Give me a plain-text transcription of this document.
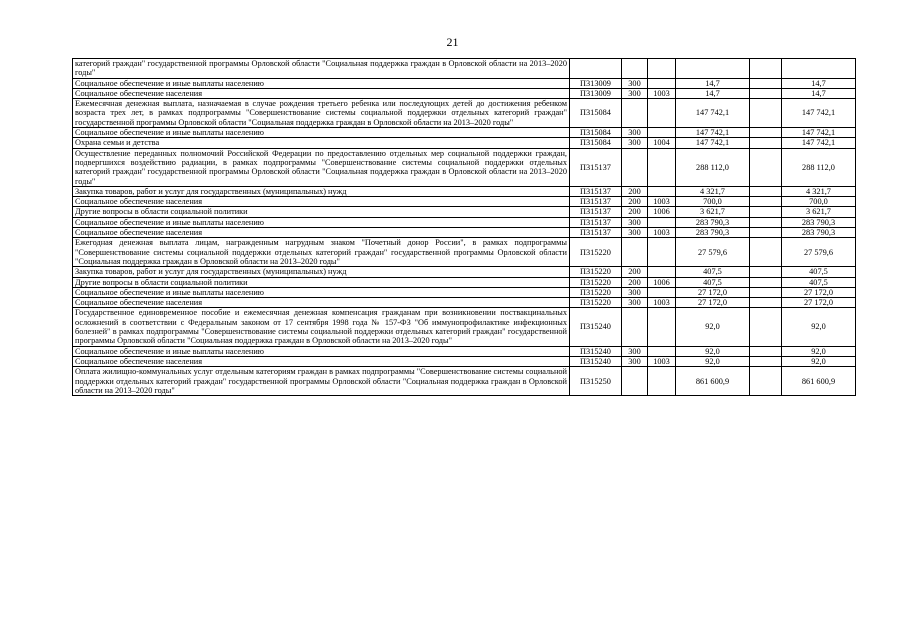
21
категорий граждан" государственной программы Орловской области "Социальная поддержка граждан в Орловской области на 2013–2020 годы"						
Социальное обеспечение и иные выплаты населению	П313009	300		14,7		14,7
Социальное обеспечение населения	П313009	300	1003	14,7		14,7
Ежемесячная денежная выплата, назначаемая в случае рождения третьего ребенка или последующих детей до достижения ребенком возраста трех лет, в рамках подпрограммы "Совершенствование системы социальной поддержки отдельных категорий граждан" государственной программы Орловской области "Социальная поддержка граждан в Орловской области на 2013–2020 годы"	П315084			147 742,1		147 742,1
Социальное обеспечение и иные выплаты населению	П315084	300		147 742,1		147 742,1
Охрана семьи и детства	П315084	300	1004	147 742,1		147 742,1
Осуществление переданных полномочий Российской Федерации по предоставлению отдельных мер социальной поддержки граждан, подвергшихся воздействию радиации, в рамках подпрограммы "Совершенствование системы социальной поддержки отдельных категорий граждан" государственной программы Орловской области "Социальная поддержка граждан в Орловской области на 2013–2020 годы"	П315137			288 112,0		288 112,0
Закупка товаров, работ и услуг для государственных (муниципальных) нужд	П315137	200		4 321,7		4 321,7
Социальное обеспечение населения	П315137	200	1003	700,0		700,0
Другие вопросы в области социальной политики	П315137	200	1006	3 621,7		3 621,7
Социальное обеспечение и иные выплаты населению	П315137	300		283 790,3		283 790,3
Социальное обеспечение населения	П315137	300	1003	283 790,3		283 790,3
Ежегодная денежная выплата лицам, награжденным нагрудным знаком "Почетный донор России", в рамках подпрограммы "Совершенствование системы социальной поддержки отдельных категорий граждан" государственной программы Орловской области "Социальная поддержка граждан в Орловской области на 2013–2020 годы"	П315220			27 579,6		27 579,6
Закупка товаров, работ и услуг для государственных (муниципальных) нужд	П315220	200		407,5		407,5
Другие вопросы в области социальной политики	П315220	200	1006	407,5		407,5
Социальное обеспечение и иные выплаты населению	П315220	300		27 172,0		27 172,0
Социальное обеспечение населения	П315220	300	1003	27 172,0		27 172,0
Государственное единовременное пособие и ежемесячная денежная компенсация гражданам при возникновении поствакцинальных осложнений в соответствии с Федеральным законом от 17 сентября 1998 года № 157-ФЗ "Об иммунопрофилактике инфекционных болезней" в рамках подпрограммы "Совершенствование системы социальной поддержки отдельных категорий граждан" государственной программы Орловской области "Социальная поддержка граждан в Орловской области на 2013–2020 годы"	П315240			92,0		92,0
Социальное обеспечение и иные выплаты населению	П315240	300		92,0		92,0
Социальное обеспечение населения	П315240	300	1003	92,0		92,0
Оплата жилищно-коммунальных услуг отдельным категориям граждан в рамках подпрограммы "Совершенствование системы социальной поддержки отдельных категорий граждан" государственной программы Орловской области "Социальная поддержка граждан в Орловской области на 2013–2020 годы"	П315250			861 600,9		861 600,9
